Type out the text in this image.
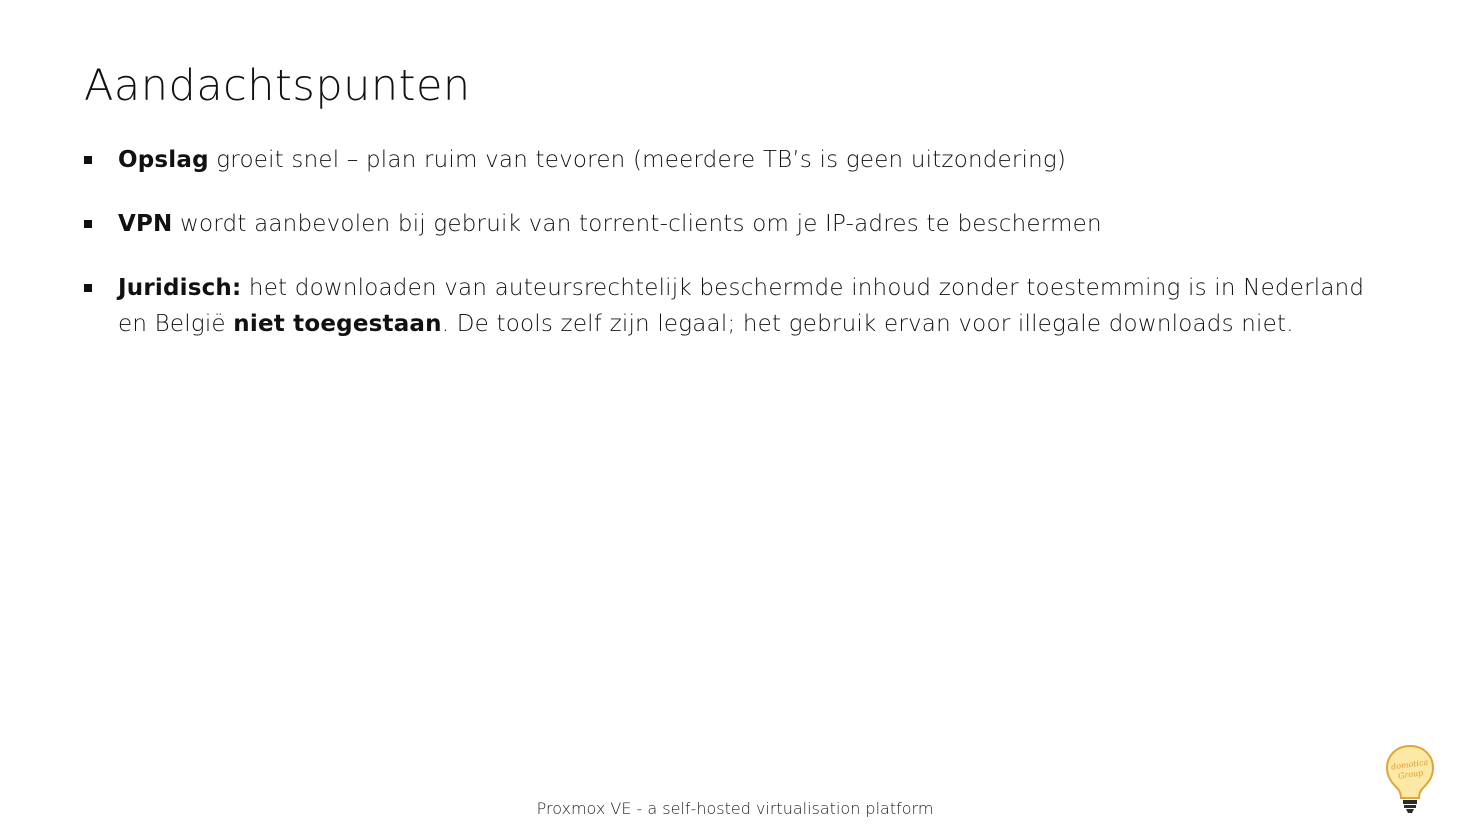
Aandachtspunten
Opslag groeit snel – plan ruim van tevoren (meerdere TB’s is geen uitzondering)
VPN wordt aanbevolen bij gebruik van torrent-clients om je IP-adres te beschermen
Juridisch: het downloaden van auteursrechtelijk beschermde inhoud zonder toestemming is in Nederland en België niet toegestaan. De tools zelf zijn legaal; het gebruik ervan voor illegale downloads niet.
Proxmox VE - a self-hosted virtualisation platform
domotica
Group
